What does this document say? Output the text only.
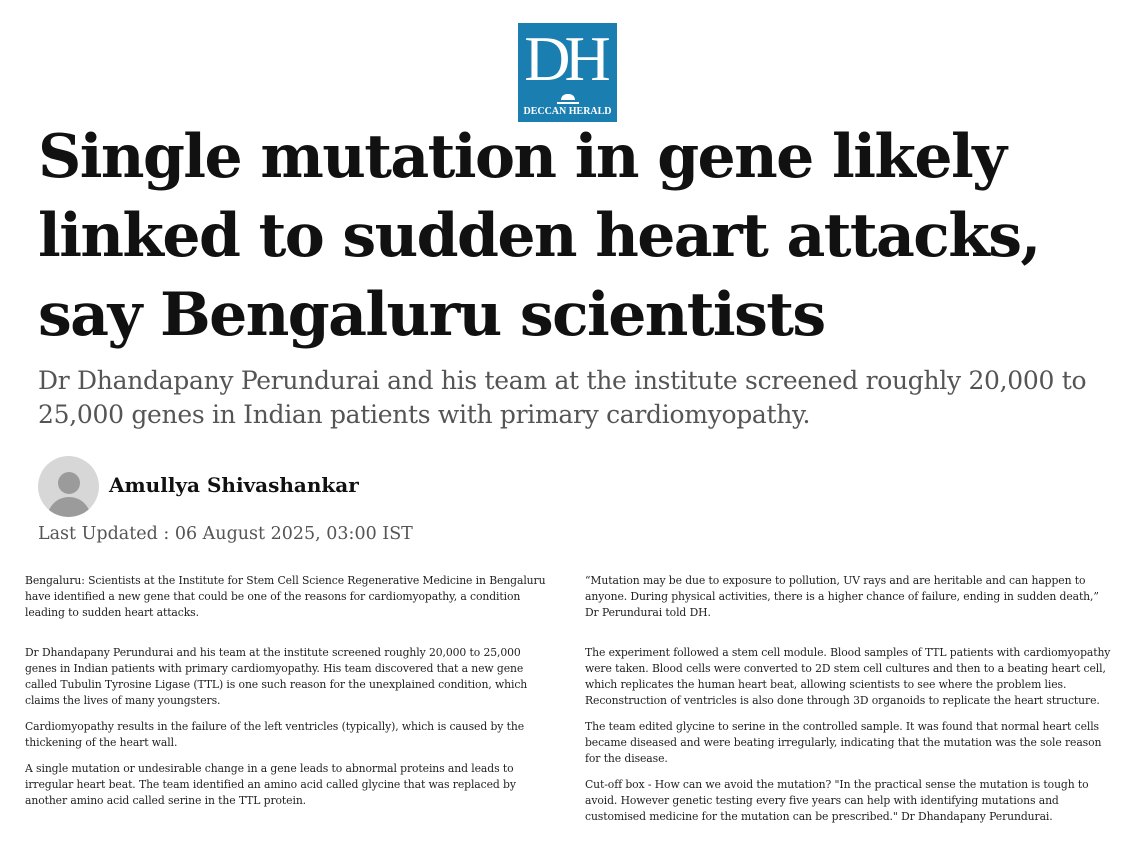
DH
DECCAN HERALD
Single mutation in gene likely linked to sudden heart attacks, say Bengaluru scientists

Dr Dhandapany Perundurai and his team at the institute screened roughly 20,000 to 25,000 genes in Indian patients with primary cardiomyopathy.

Amullya Shivashankar
Last Updated : 06 August 2025, 03:00 IST

Bengaluru: Scientists at the Institute for Stem Cell Science Regenerative Medicine in Bengaluru have identified a new gene that could be one of the reasons for cardiomyopathy, a condition leading to sudden heart attacks.

Dr Dhandapany Perundurai and his team at the institute screened roughly 20,000 to 25,000 genes in Indian patients with primary cardiomyopathy. His team discovered that a new gene called Tubulin Tyrosine Ligase (TTL) is one such reason for the unexplained condition, which claims the lives of many youngsters.

Cardiomyopathy results in the failure of the left ventricles (typically), which is caused by the thickening of the heart wall.

A single mutation or undesirable change in a gene leads to abnormal proteins and leads to irregular heart beat. The team identified an amino acid called glycine that was replaced by another amino acid called serine in the TTL protein.

“Mutation may be due to exposure to pollution, UV rays and are heritable and can happen to anyone. During physical activities, there is a higher chance of failure, ending in sudden death,” Dr Perundurai told DH.

The experiment followed a stem cell module. Blood samples of TTL patients with cardiomyopathy were taken. Blood cells were converted to 2D stem cell cultures and then to a beating heart cell, which replicates the human heart beat, allowing scientists to see where the problem lies. Reconstruction of ventricles is also done through 3D organoids to replicate the heart structure.

The team edited glycine to serine in the controlled sample. It was found that normal heart cells became diseased and were beating irregularly, indicating that the mutation was the sole reason for the disease.

Cut-off box - How can we avoid the mutation? "In the practical sense the mutation is tough to avoid. However genetic testing every five years can help with identifying mutations and customised medicine for the mutation can be prescribed." Dr Dhandapany Perundurai.
